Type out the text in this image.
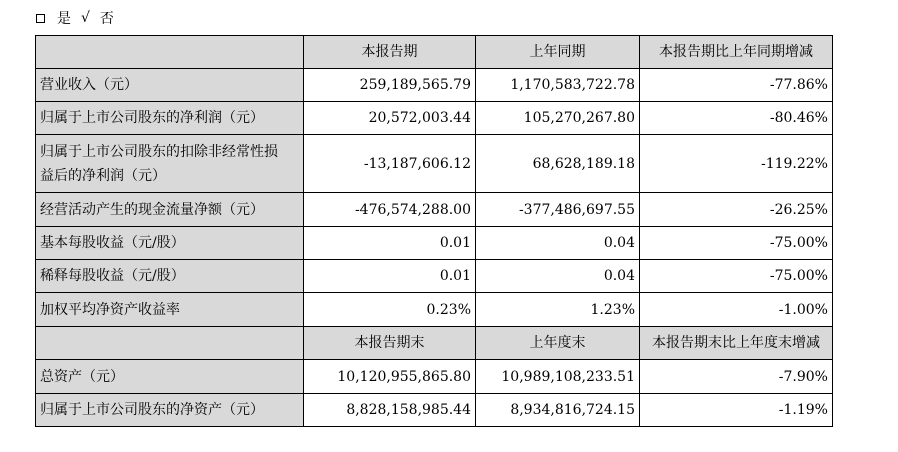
是 √ 否
	本报告期	上年同期	本报告期比上年同期增减
营业收入（元）	259,189,565.79	1,170,583,722.78	-77.86%
归属于上市公司股东的净利润（元）	20,572,003.44	105,270,267.80	-80.46%

归属于上市公司股东的扣除非经常性损
益后的净利润（元）	-13,187,606.12	68,628,189.18	-119.22%
经营活动产生的现金流量净额（元）	-476,574,288.00	-377,486,697.55	-26.25%
基本每股收益（元/股）	0.01	0.04	-75.00%
稀释每股收益（元/股）	0.01	0.04	-75.00%
加权平均净资产收益率	0.23%	1.23%	-1.00%
	本报告期末	上年度末	本报告期末比上年度末增减
总资产（元）	10,120,955,865.80	10,989,108,233.51	-7.90%
归属于上市公司股东的净资产（元）	8,828,158,985.44	8,934,816,724.15	-1.19%
